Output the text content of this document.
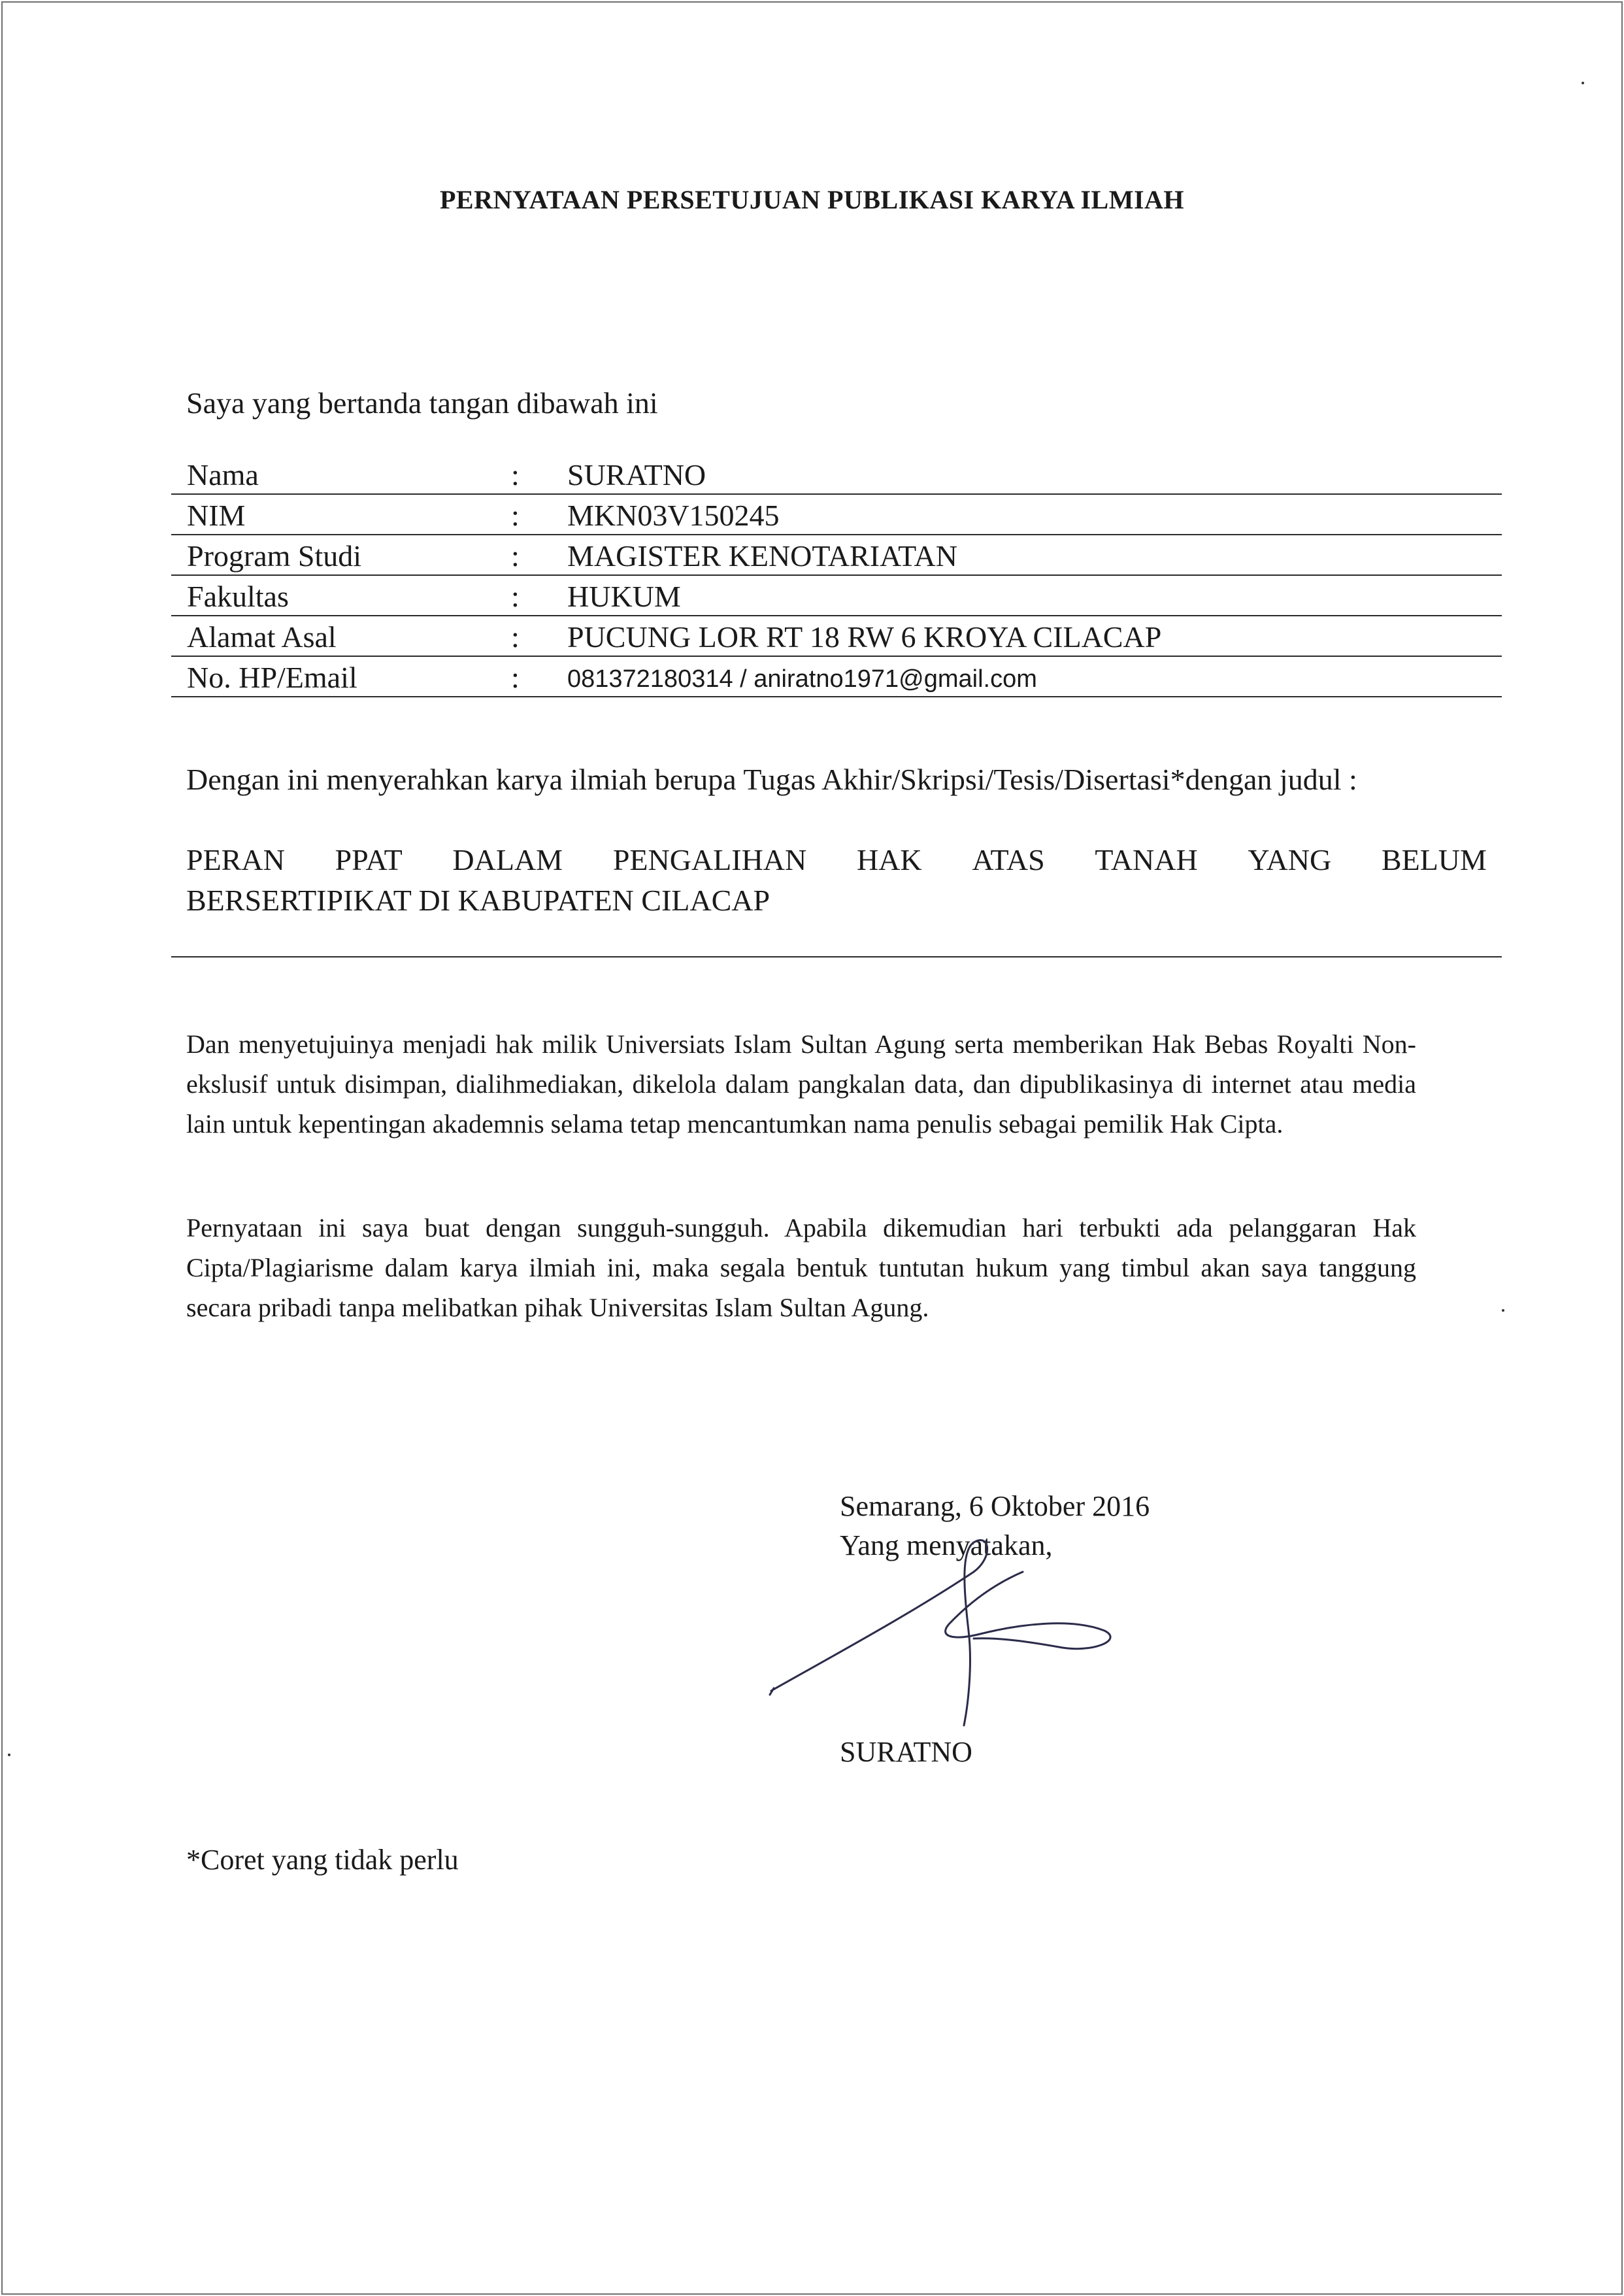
PERNYATAAN PERSETUJUAN PUBLIKASI KARYA ILMIAH
Saya yang bertanda tangan dibawah ini
Nama	: SURATNO
NIM	: MKN03V150245
Program Studi	: MAGISTER KENOTARIATAN
Fakultas	: HUKUM
Alamat Asal	: PUCUNG LOR RT 18 RW 6 KROYA CILACAP
No. HP/Email	: 081372180314 / aniratno1971@gmail.com
Dengan ini menyerahkan karya ilmiah berupa Tugas Akhir/Skripsi/Tesis/Disertasi*dengan judul :
PERAN PPAT DALAM PENGALIHAN HAK ATAS TANAH YANG BELUM
BERSERTIPIKAT DI KABUPATEN CILACAP
Dan menyetujuinya menjadi hak milik Universiats Islam Sultan Agung serta memberikan Hak Bebas Royalti Non-ekslusif untuk disimpan, dialihmediakan, dikelola dalam pangkalan data, dan dipublikasinya di internet atau media lain untuk kepentingan akademnis selama tetap mencantumkan nama penulis sebagai pemilik Hak Cipta.
Pernyataan ini saya buat dengan sungguh-sungguh. Apabila dikemudian hari terbukti ada pelanggaran Hak Cipta/Plagiarisme dalam karya ilmiah ini, maka segala bentuk tuntutan hukum yang timbul akan saya tanggung secara pribadi tanpa melibatkan pihak Universitas Islam Sultan Agung.
Semarang, 6 Oktober 2016
Yang menyatakan,
SURATNO
*Coret yang tidak perlu
